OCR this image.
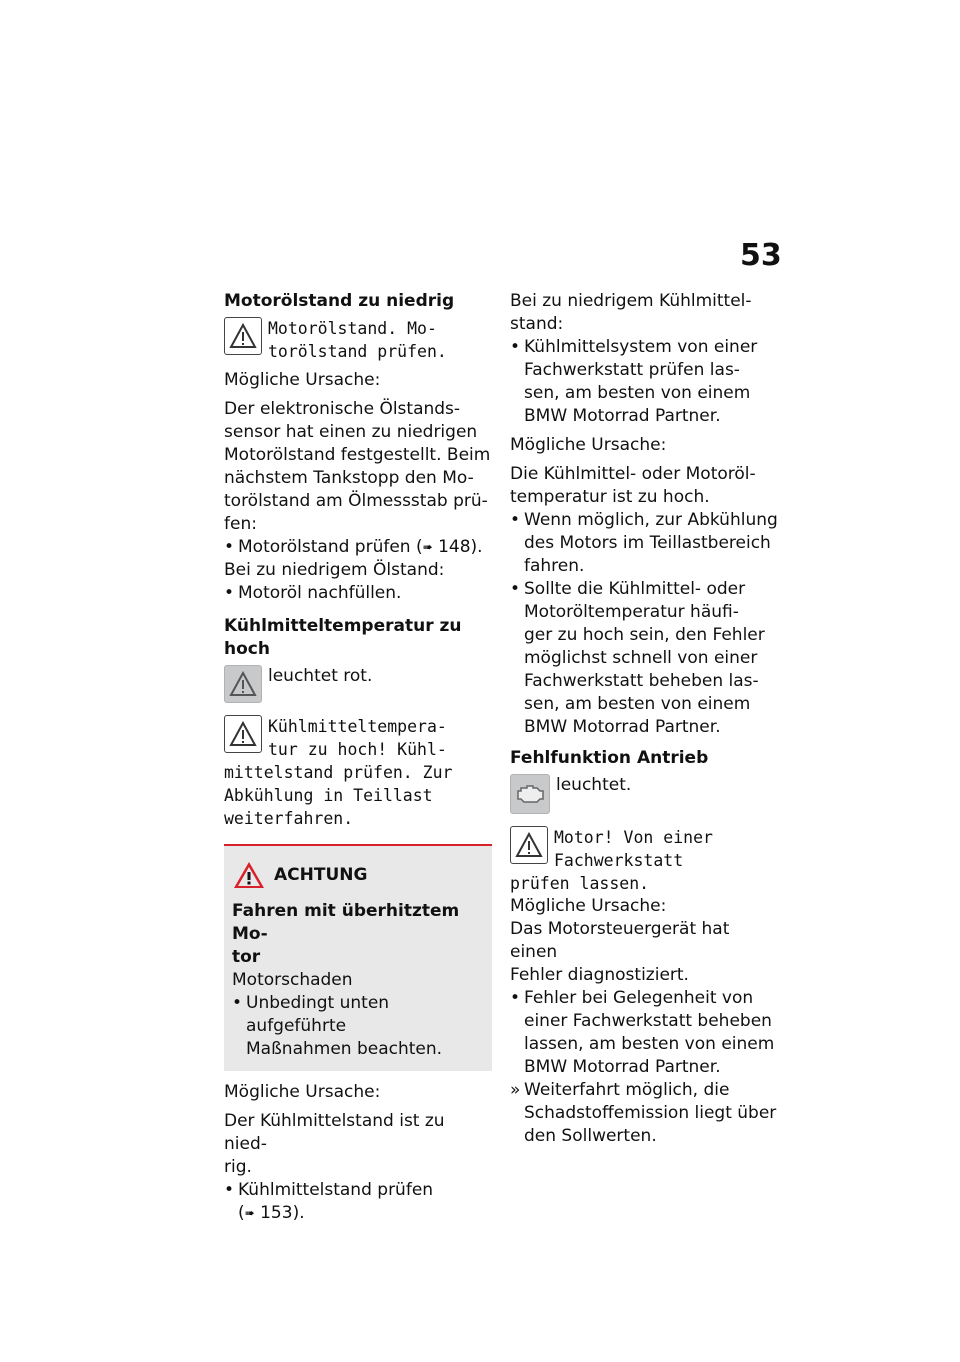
53
Motorölstand zu niedrig
Motorölstand. Mo-
torölstand prüfen.
Mögliche Ursache:
Der elektronische Ölstands-
sensor hat einen zu niedrigen
Motorölstand festgestellt. Beim
nächstem Tankstopp den Mo-
torölstand am Ölmessstab prü-
fen:
• Motorölstand prüfen (➠ 148).
Bei zu niedrigem Ölstand:
• Motoröl nachfüllen.
Kühlmitteltemperatur zu hoch
leuchtet rot.
Kühlmitteltempera-
tur zu hoch! Kühl-
mittelstand prüfen. Zur
Abkühlung in Teillast
weiterfahren.
ACHTUNG
Fahren mit überhitztem Mo-
tor
Motorschaden
• Unbedingt unten aufgeführte
Maßnahmen beachten.
Mögliche Ursache:
Der Kühlmittelstand ist zu nied-
rig.
• Kühlmittelstand prüfen
(➠ 153).
Bei zu niedrigem Kühlmittel-
stand:
• Kühlmittelsystem von einer
Fachwerkstatt prüfen las-
sen, am besten von einem
BMW Motorrad Partner.
Mögliche Ursache:
Die Kühlmittel- oder Motoröl-
temperatur ist zu hoch.
• Wenn möglich, zur Abkühlung
des Motors im Teillastbereich
fahren.
• Sollte die Kühlmittel- oder
Motoröltemperatur häufi-
ger zu hoch sein, den Fehler
möglichst schnell von einer
Fachwerkstatt beheben las-
sen, am besten von einem
BMW Motorrad Partner.
Fehlfunktion Antrieb
leuchtet.
Motor! Von einer
Fachwerkstatt
prüfen lassen.
Mögliche Ursache:
Das Motorsteuergerät hat einen
Fehler diagnostiziert.
• Fehler bei Gelegenheit von
einer Fachwerkstatt beheben
lassen, am besten von einem
BMW Motorrad Partner.
» Weiterfahrt möglich, die
Schadstoffemission liegt über
den Sollwerten.
